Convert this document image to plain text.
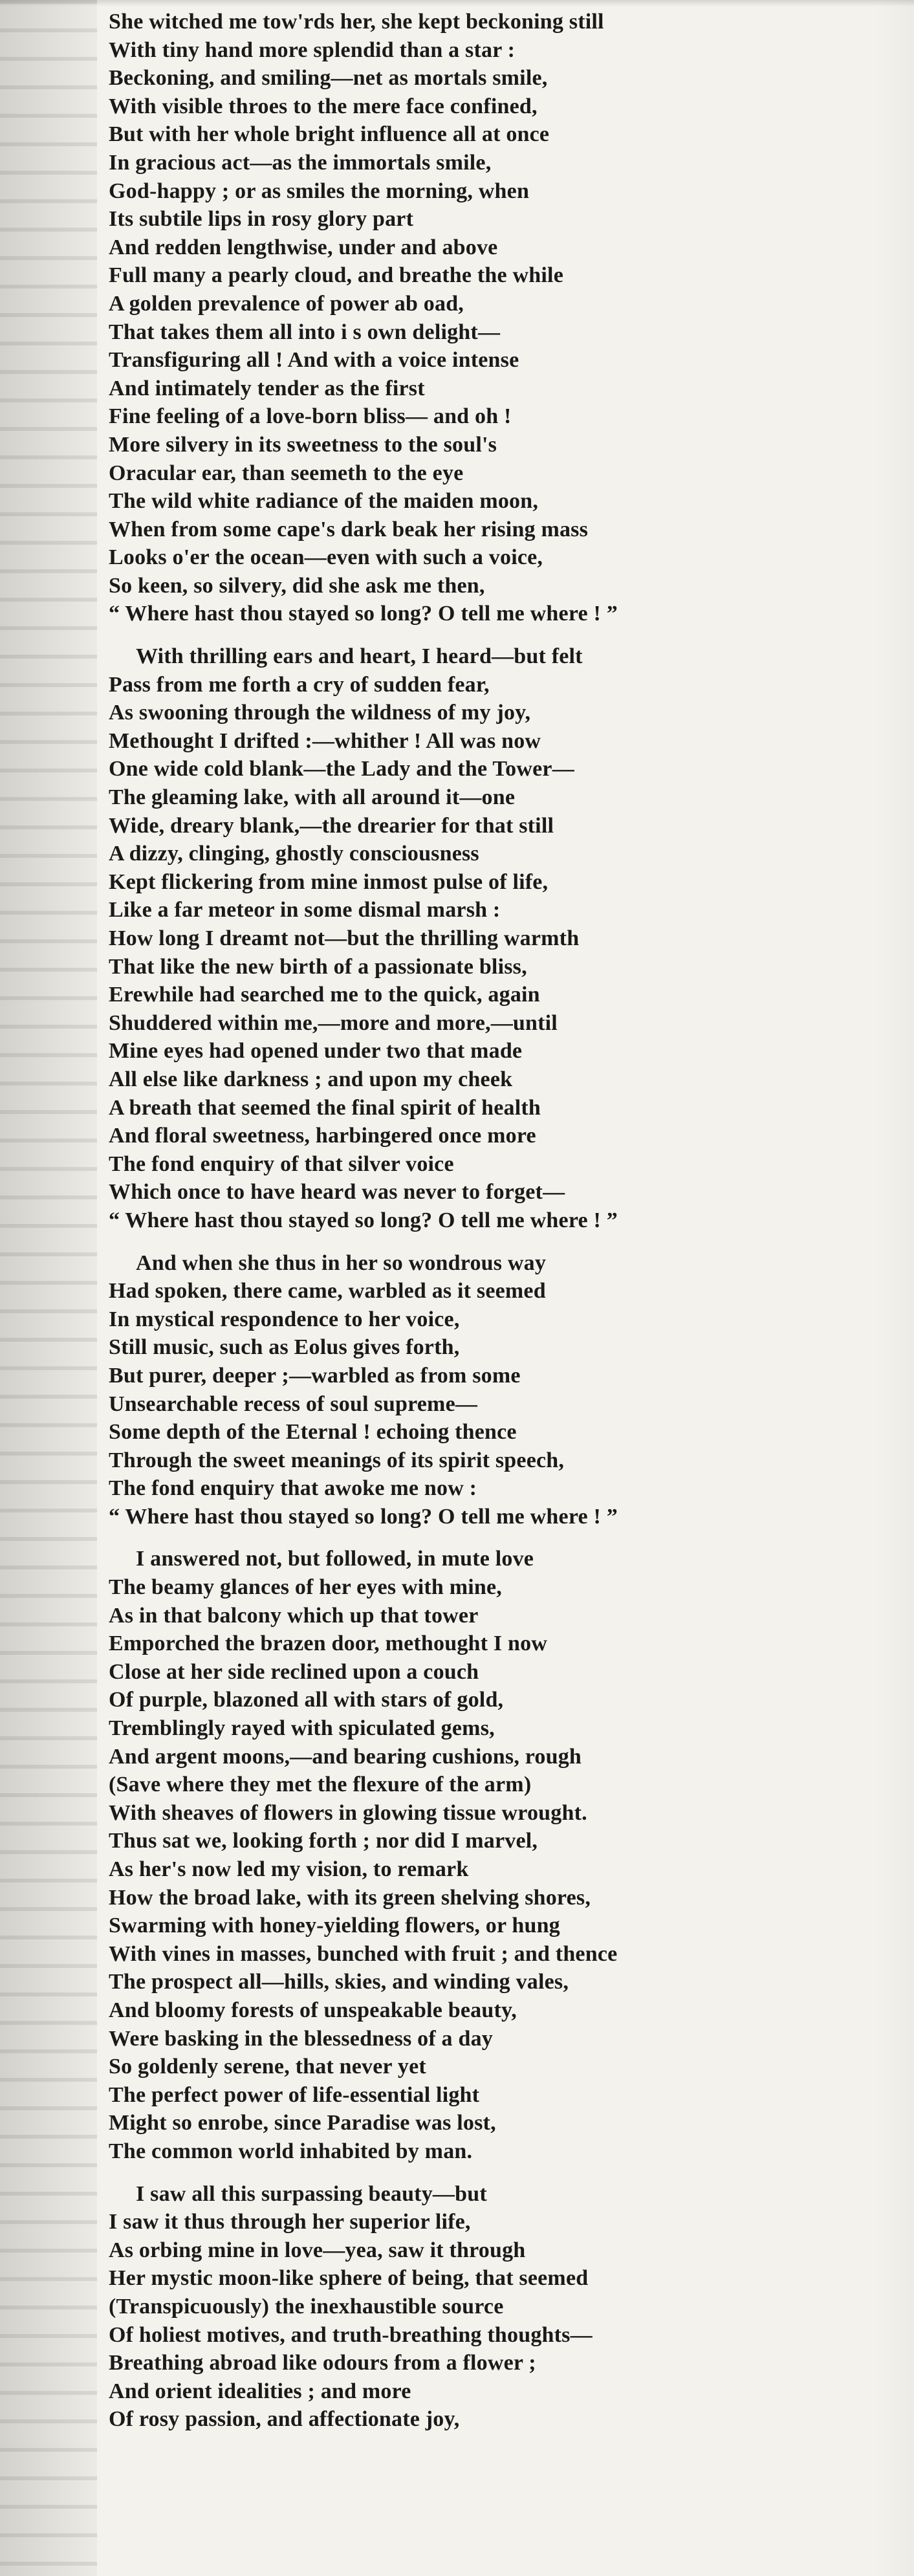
She witched me tow'rds her, she kept beckoning still
With tiny hand more splendid than a star :
Beckoning, and smiling—net as mortals smile,
With visible throes to the mere face confined,
But with her whole bright influence all at once
In gracious act—as the immortals smile,
God-happy ; or as smiles the morning, when
Its subtile lips in rosy glory part
And redden lengthwise, under and above
Full many a pearly cloud, and breathe the while
A golden prevalence of power ab oad,
That takes them all into i s own delight—
Transfiguring all ! And with a voice intense
And intimately tender as the first
Fine feeling of a love-born bliss— and oh !
More silvery in its sweetness to the soul's
Oracular ear, than seemeth to the eye
The wild white radiance of the maiden moon,
When from some cape's dark beak her rising mass
Looks o'er the ocean—even with such a voice,
So keen, so silvery, did she ask me then,
“ Where hast thou stayed so long? O tell me where ! ”
With thrilling ears and heart, I heard—but felt
Pass from me forth a cry of sudden fear,
As swooning through the wildness of my joy,
Methought I drifted :—whither ! All was now
One wide cold blank—the Lady and the Tower—
The gleaming lake, with all around it—one
Wide, dreary blank,—the drearier for that still
A dizzy, clinging, ghostly consciousness
Kept flickering from mine inmost pulse of life,
Like a far meteor in some dismal marsh :
How long I dreamt not—but the thrilling warmth
That like the new birth of a passionate bliss,
Erewhile had searched me to the quick, again
Shuddered within me,—more and more,—until
Mine eyes had opened under two that made
All else like darkness ; and upon my cheek
A breath that seemed the final spirit of health
And floral sweetness, harbingered once more
The fond enquiry of that silver voice
Which once to have heard was never to forget—
“ Where hast thou stayed so long? O tell me where ! ”
And when she thus in her so wondrous way
Had spoken, there came, warbled as it seemed
In mystical respondence to her voice,
Still music, such as Eolus gives forth,
But purer, deeper ;—warbled as from some
Unsearchable recess of soul supreme—
Some depth of the Eternal ! echoing thence
Through the sweet meanings of its spirit speech,
The fond enquiry that awoke me now :
“ Where hast thou stayed so long? O tell me where ! ”
I answered not, but followed, in mute love
The beamy glances of her eyes with mine,
As in that balcony which up that tower
Emporched the brazen door, methought I now
Close at her side reclined upon a couch
Of purple, blazoned all with stars of gold,
Tremblingly rayed with spiculated gems,
And argent moons,—and bearing cushions, rough
(Save where they met the flexure of the arm)
With sheaves of flowers in glowing tissue wrought.
Thus sat we, looking forth ; nor did I marvel,
As her's now led my vision, to remark
How the broad lake, with its green shelving shores,
Swarming with honey-yielding flowers, or hung
With vines in masses, bunched with fruit ; and thence
The prospect all—hills, skies, and winding vales,
And bloomy forests of unspeakable beauty,
Were basking in the blessedness of a day
So goldenly serene, that never yet
The perfect power of life-essential light
Might so enrobe, since Paradise was lost,
The common world inhabited by man.
I saw all this surpassing beauty—but
I saw it thus through her superior life,
As orbing mine in love—yea, saw it through
Her mystic moon-like sphere of being, that seemed
(Transpicuously) the inexhaustible source
Of holiest motives, and truth-breathing thoughts—
Breathing abroad like odours from a flower ;
And orient idealities ; and more
Of rosy passion, and affectionate joy,
